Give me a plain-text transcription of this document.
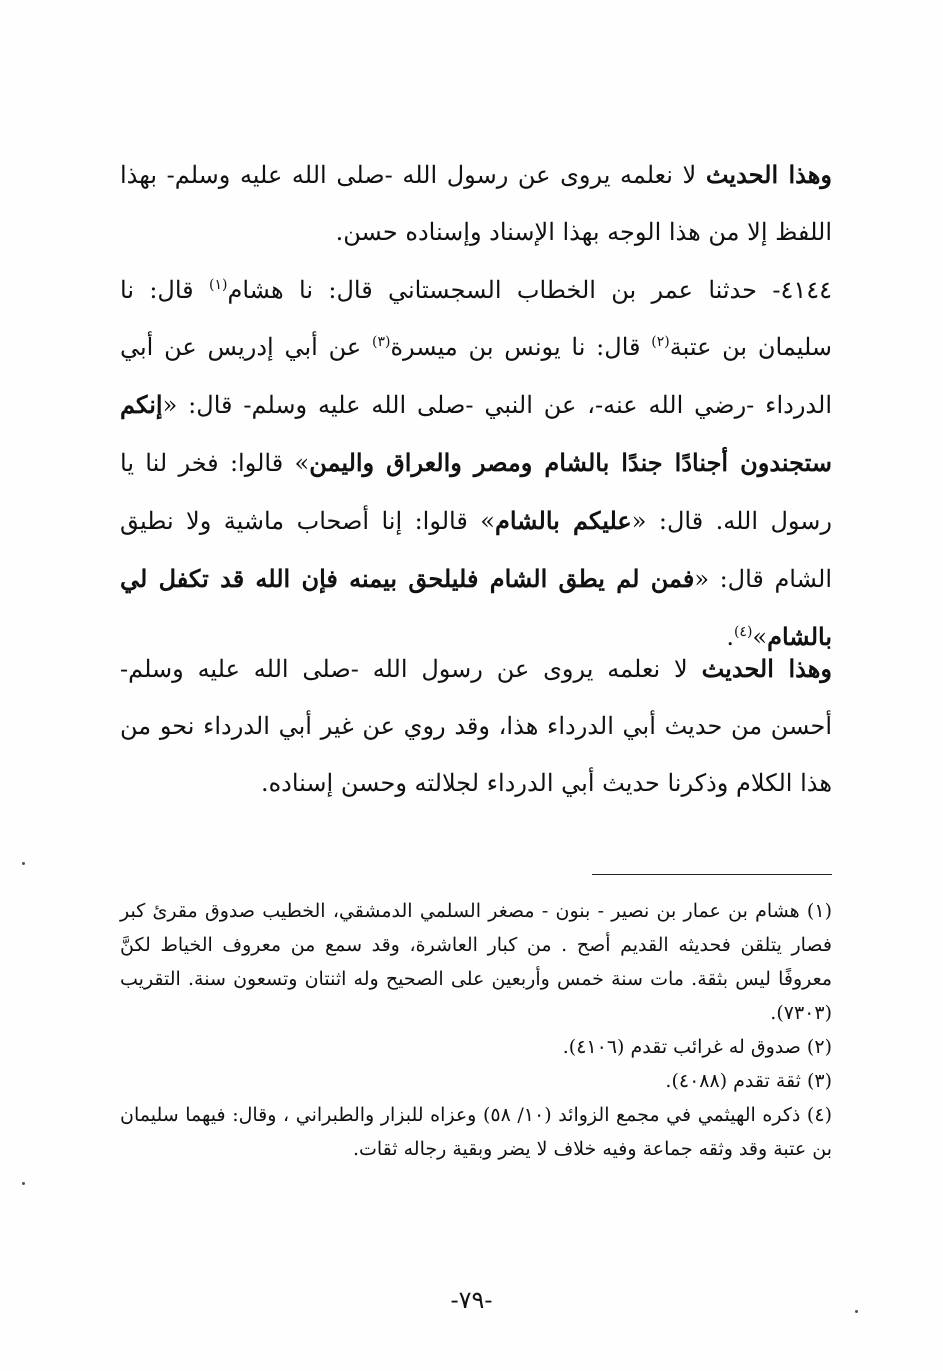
وهذا الحديث لا نعلمه يروى عن رسول الله -صلى الله عليه وسلم- بهذا اللفظ إلا من هذا الوجه بهذا الإسناد وإسناده حسن.
٤١٤٤- حدثنا عمر بن الخطاب السجستاني قال: نا هشام$^{(١)}$ قال: نا سليمان بن عتبة$^{(٢)}$ قال: نا يونس بن ميسرة$^{(٣)}$ عن أبي إدريس عن أبي الدرداء -رضي الله عنه-، عن النبي -صلى الله عليه وسلم- قال: «إنكم ستجندون أجنادًا جندًا بالشام ومصر والعراق واليمن» قالوا: فخر لنا يا رسول الله. قال: «عليكم بالشام» قالوا: إنا أصحاب ماشية ولا نطيق الشام قال: «فمن لم يطق الشام فليلحق بيمنه فإن الله قد تكفل لي بالشام»$^{(٤)}$.
وهذا الحديث لا نعلمه يروى عن رسول الله -صلى الله عليه وسلم- أحسن من حديث أبي الدرداء هذا، وقد روي عن غير أبي الدرداء نحو من هذا الكلام وذكرنا حديث أبي الدرداء لجلالته وحسن إسناده.

(١) هشام بن عمار بن نصير - بنون - مصغر السلمي الدمشقي، الخطيب صدوق مقرئ كبر فصار يتلقن فحديثه القديم أصح . من كبار العاشرة، وقد سمع من معروف الخياط لكنَّ معروفًا ليس بثقة. مات سنة خمس وأربعين على الصحيح وله اثنتان وتسعون سنة. التقريب (٧٣٠٣).

(٢) صدوق له غرائب تقدم (٤١٠٦).

(٣) ثقة تقدم (٤٠٨٨).

(٤) ذكره الهيثمي في مجمع الزوائد (١٠/ ٥٨) وعزاه للبزار والطبراني ، وقال: فيهما سليمان بن عتبة وقد وثقه جماعة وفيه خلاف لا يضر وبقية رجاله ثقات.

-٧٩-
